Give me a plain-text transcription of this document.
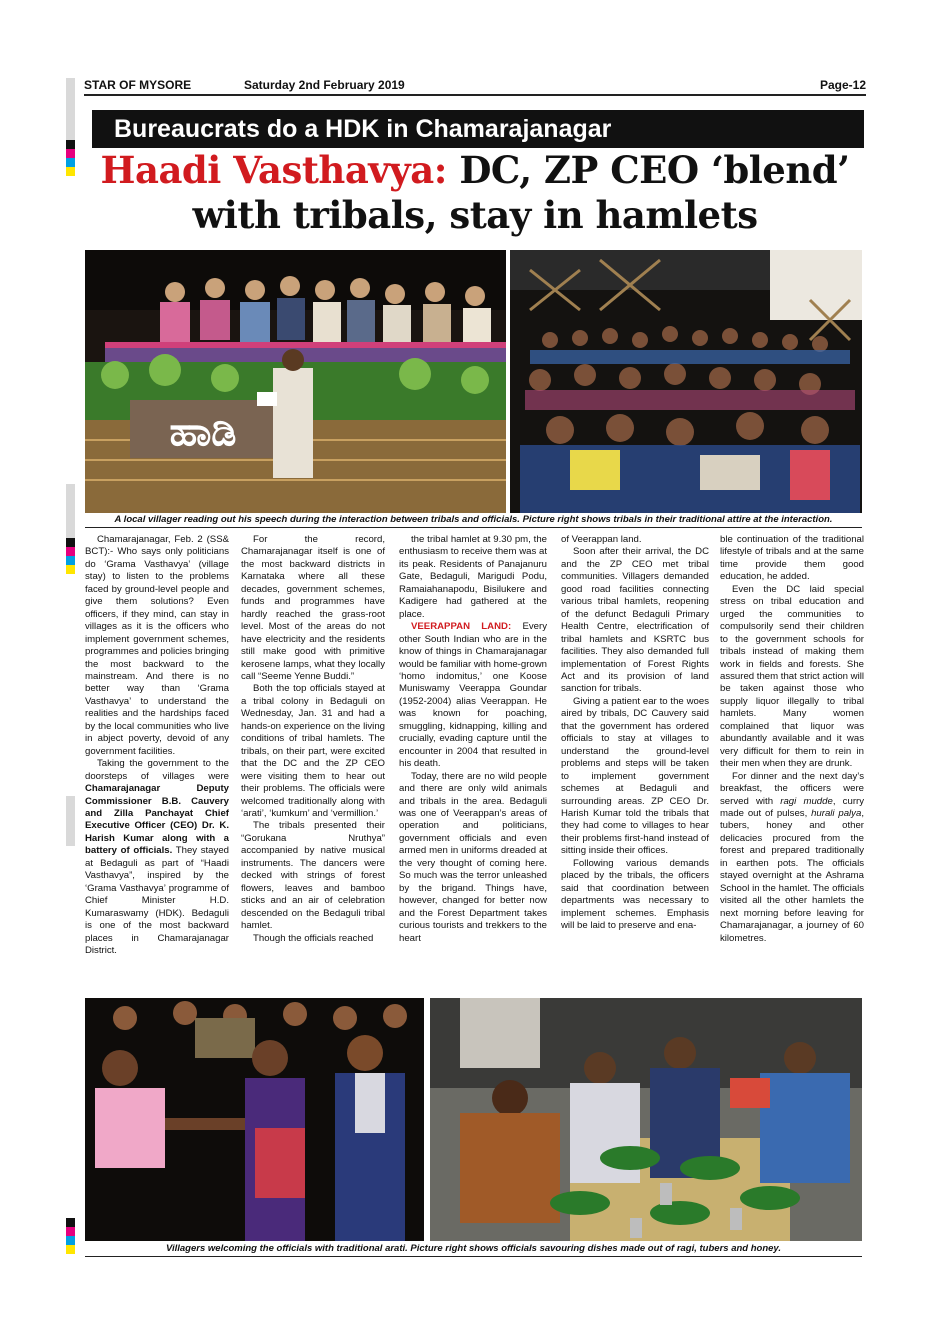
STAR OF MYSORE	Saturday 2nd February 2019	Page-12
Bureaucrats do a HDK in Chamarajanagar
Haadi Vasthavya: DC, ZP CEO ‘blend’
with tribals, stay in hamlets
ಹಾಡಿ
A local villager reading out his speech during the interaction between tribals and officials. Picture right shows tribals in their traditional attire at the interaction.

Chamarajanagar, Feb. 2 (SS& BCT):- Who says only politicians do ‘Grama Vasthavya’ (village stay) to listen to the problems faced by ground-level people and give them solutions? Even officers, if they mind, can stay in villages as it is the officers who implement government schemes, programmes and policies bringing the most backward to the mainstream. And there is no better way than ‘Grama Vasthavya’ to understand the realities and the hardships faced by the local communities who live in abject poverty, devoid of any government facilities.

Taking the government to the doorsteps of villages were Chamarajanagar Deputy Commissioner B.B. Cauvery and Zilla Panchayat Chief Executive Officer (CEO) Dr. K. Harish Kumar along with a battery of officials. They stayed at Bedaguli as part of “Haadi Vasthavya”, inspired by the ‘Grama Vasthavya’ programme of Chief Minister H.D. Kumaraswamy (HDK). Bedaguli is one of the most backward places in Chamarajanagar District.

For the record, Chamarajanagar itself is one of the most backward districts in Karnataka where all these decades, government schemes, funds and programmes have hardly reached the grass-root level. Most of the areas do not have electricity and the residents still make good with primitive kerosene lamps, what they locally call “Seeme Yenne Buddi.”

Both the top officials stayed at a tribal colony in Bedaguli on Wednesday, Jan. 31 and had a hands-on experience on the living conditions of tribal hamlets. The tribals, on their part, were excited that the DC and the ZP CEO were visiting them to hear out their problems. The officials were welcomed traditionally along with ‘arati’, ‘kumkum’ and ‘vermillion.’

The tribals presented their “Gorukana Nruthya” accompanied by native musical instruments. The dancers were decked with strings of forest flowers, leaves and bamboo sticks and an air of celebration descended on the Bedaguli tribal hamlet.

Though the officials reached

the tribal hamlet at 9.30 pm, the enthusiasm to receive them was at its peak. Residents of Panajanuru Gate, Bedaguli, Marigudi Podu, Ramaiahanapodu, Bisilukere and Kadigere had gathered at the place.

VEERAPPAN LAND: Every other South Indian who are in the know of things in Chamarajanagar would be familiar with home-grown ‘homo indomitus,’ one Koose Muniswamy Veerappa Goundar (1952-2004) alias Veerappan. He was known for poaching, smuggling, kidnapping, killing and crucially, evading capture until the encounter in 2004 that resulted in his death.

Today, there are no wild people and there are only wild animals and tribals in the area. Bedaguli was one of Veerappan’s areas of operation and politicians, government officials and even armed men in uniforms dreaded at the very thought of coming here. So much was the terror unleashed by the brigand. Things have, however, changed for better now and the Forest Department takes curious tourists and trekkers to the heart

of Veerappan land.

Soon after their arrival, the DC and the ZP CEO met tribal communities. Villagers demanded good road facilities connecting various tribal hamlets, reopening of the defunct Bedaguli Primary Health Centre, electrification of tribal hamlets and KSRTC bus facilities. They also demanded full implementation of Forest Rights Act and its provision of land sanction for tribals.

Giving a patient ear to the woes aired by tribals, DC Cauvery said that the government has ordered officials to stay at villages to understand the ground-level problems and steps will be taken to implement government schemes at Bedaguli and surrounding areas. ZP CEO Dr. Harish Kumar told the tribals that they had come to villages to hear their problems first-hand instead of sitting inside their offices.

Following various demands placed by the tribals, the officers said that coordination between departments was necessary to implement schemes. Emphasis will be laid to preserve and ena-

ble continuation of the traditional lifestyle of tribals and at the same time provide them good education, he added.

Even the DC laid special stress on tribal education and urged the communities to compulsorily send their children to the government schools for tribals instead of making them work in fields and forests. She assured them that strict action will be taken against those who supply liquor illegally to tribal hamlets. Many women complained that liquor was abundantly available and it was very difficult for them to rein in their men when they are drunk.

For dinner and the next day’s breakfast, the officers were served with ragi mudde, curry made out of pulses, hurali palya, tubers, honey and other delicacies procured from the forest and prepared traditionally in earthen pots. The officials stayed overnight at the Ashrama School in the hamlet. The officials visited all the other hamlets the next morning before leaving for Chamarajanagar, a journey of 60 kilometres.

Villagers welcoming the officials with traditional arati. Picture right shows officials savouring dishes made out of ragi, tubers and honey.
